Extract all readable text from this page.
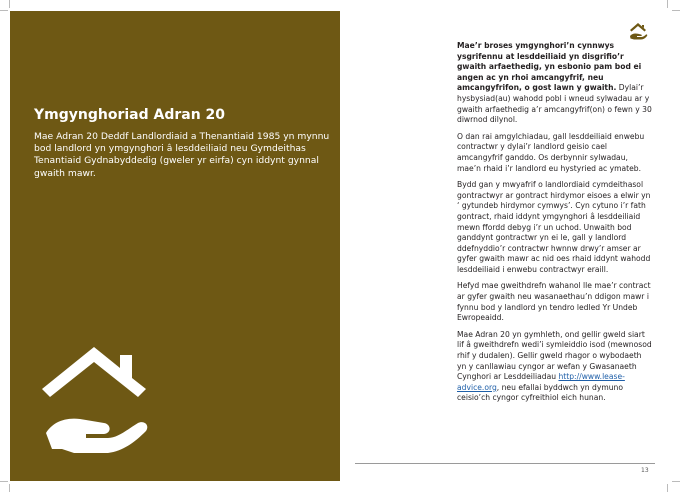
Ymgynghoriad Adran 20

Mae Adran 20 Deddf Landlordiaid a Thenantiaid 1985 yn mynnu bod landlord yn ymgynghori â lesddeiliaid neu Gymdeithas Tenantiaid Gydnabyddedig (gweler yr eirfa) cyn iddynt gynnal gwaith mawr.

Mae’r broses ymgynghori’n cynnwys ysgrifennu at lesddeiliaid yn disgrifio’r gwaith arfaethedig, yn esbonio pam bod ei angen ac yn rhoi amcangyfrif, neu amcangyfrifon, o gost lawn y gwaith. Dylai’r hysbysiad(au) wahodd pobl i wneud sylwadau ar y gwaith arfaethedig a’r amcangyfrif(on) o fewn y 30 diwrnod dilynol.

O dan rai amgylchiadau, gall lesddeiliaid enwebu contractwr y dylai’r landlord geisio cael amcangyfrif ganddo. Os derbynnir sylwadau, mae’n rhaid i’r landlord eu hystyried ac ymateb.

Bydd gan y mwyafrif o landlordiaid cymdeithasol gontractwyr ar gontract hirdymor eisoes a elwir yn ‘ gytundeb hirdymor cymwys’. Cyn cytuno i’r fath gontract, rhaid iddynt ymgynghori â lesddeiliaid mewn ffordd debyg i’r un uchod. Unwaith bod ganddynt gontractwr yn ei le, gall y landlord ddefnyddio’r contractwr hwnnw drwy’r amser ar gyfer gwaith mawr ac nid oes rhaid iddynt wahodd lesddeiliaid i enwebu contractwyr eraill.

Hefyd mae gweithdrefn wahanol lle mae’r contract ar gyfer gwaith neu wasanaethau’n ddigon mawr i fynnu bod y landlord yn tendro ledled Yr Undeb Ewropeaidd.

Mae Adran 20 yn gymhleth, ond gellir gweld siart lif â gweithdrefn wedi’i symleiddio isod (mewnosod rhif y dudalen). Gellir gweld rhagor o wybodaeth yn y canllawiau cyngor ar wefan y Gwasanaeth Cynghori ar Lesddeiliadau http://www.lease-advice.org, neu efallai byddwch yn dymuno ceisio’ch cyngor cyfreithiol eich hunan.

13
